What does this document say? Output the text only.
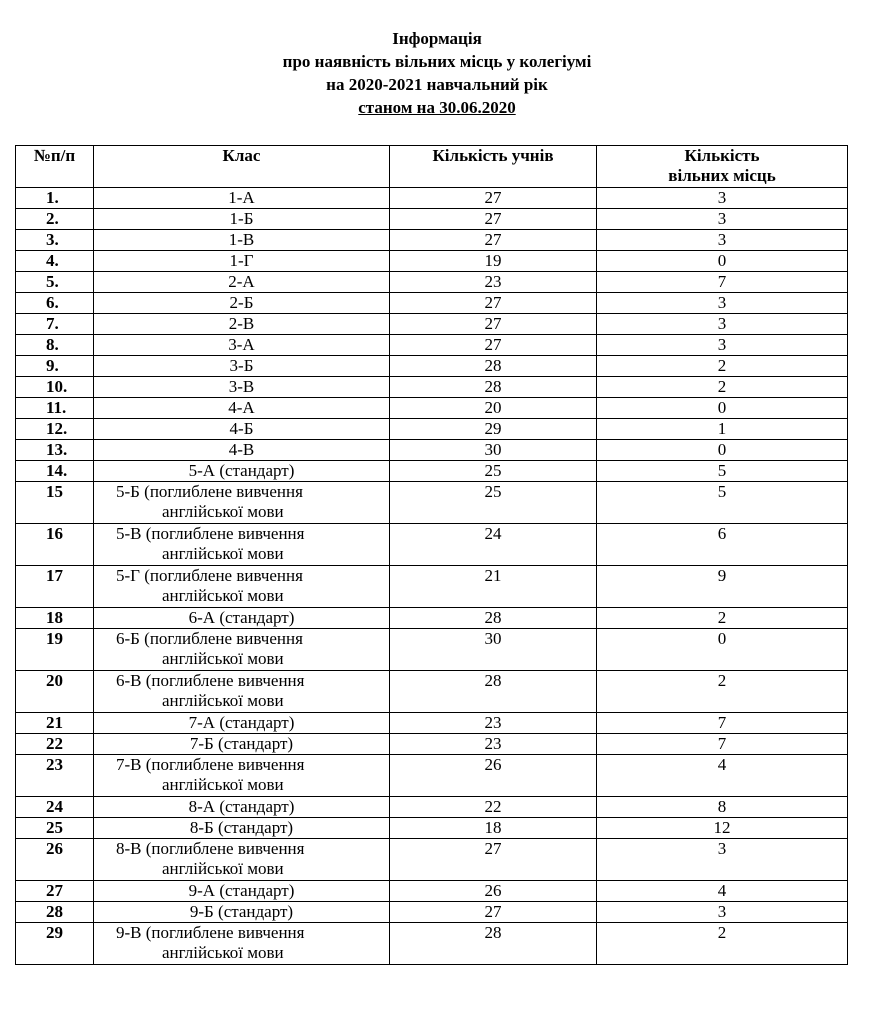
Інформація
про наявність вільних місць у колегіумі
на 2020-2021 навчальний рік
станом на 30.06.2020
№п/п	Клас	Кількість учнів	Кількість
вільних місць

1.	1-А	27	3
2.	1-Б	27	3
3.	1-В	27	3
4.	1-Г	19	0
5.	2-А	23	7
6.	2-Б	27	3
7.	2-В	27	3
8.	3-А	27	3
9.	3-Б	28	2
10.	3-В	28	2
11.	4-А	20	0
12.	4-Б	29	1
13.	4-В	30	0
14.	5-А (стандарт)	25	5
15	5-Б (поглиблене вивчення
англійської мови	25	5
16	5-В (поглиблене вивчення
англійської мови	24	6
17	5-Г (поглиблене вивчення
англійської мови	21	9
18	6-А (стандарт)	28	2
19	6-Б (поглиблене вивчення
англійської мови	30	0
20	6-В (поглиблене вивчення
англійської мови	28	2
21	7-А (стандарт)	23	7
22	7-Б (стандарт)	23	7
23	7-В (поглиблене вивчення
англійської мови	26	4
24	8-А (стандарт)	22	8
25	8-Б (стандарт)	18	12
26	8-В (поглиблене вивчення
англійської мови	27	3
27	9-А (стандарт)	26	4
28	9-Б (стандарт)	27	3
29	9-В (поглиблене вивчення
англійської мови	28	2
